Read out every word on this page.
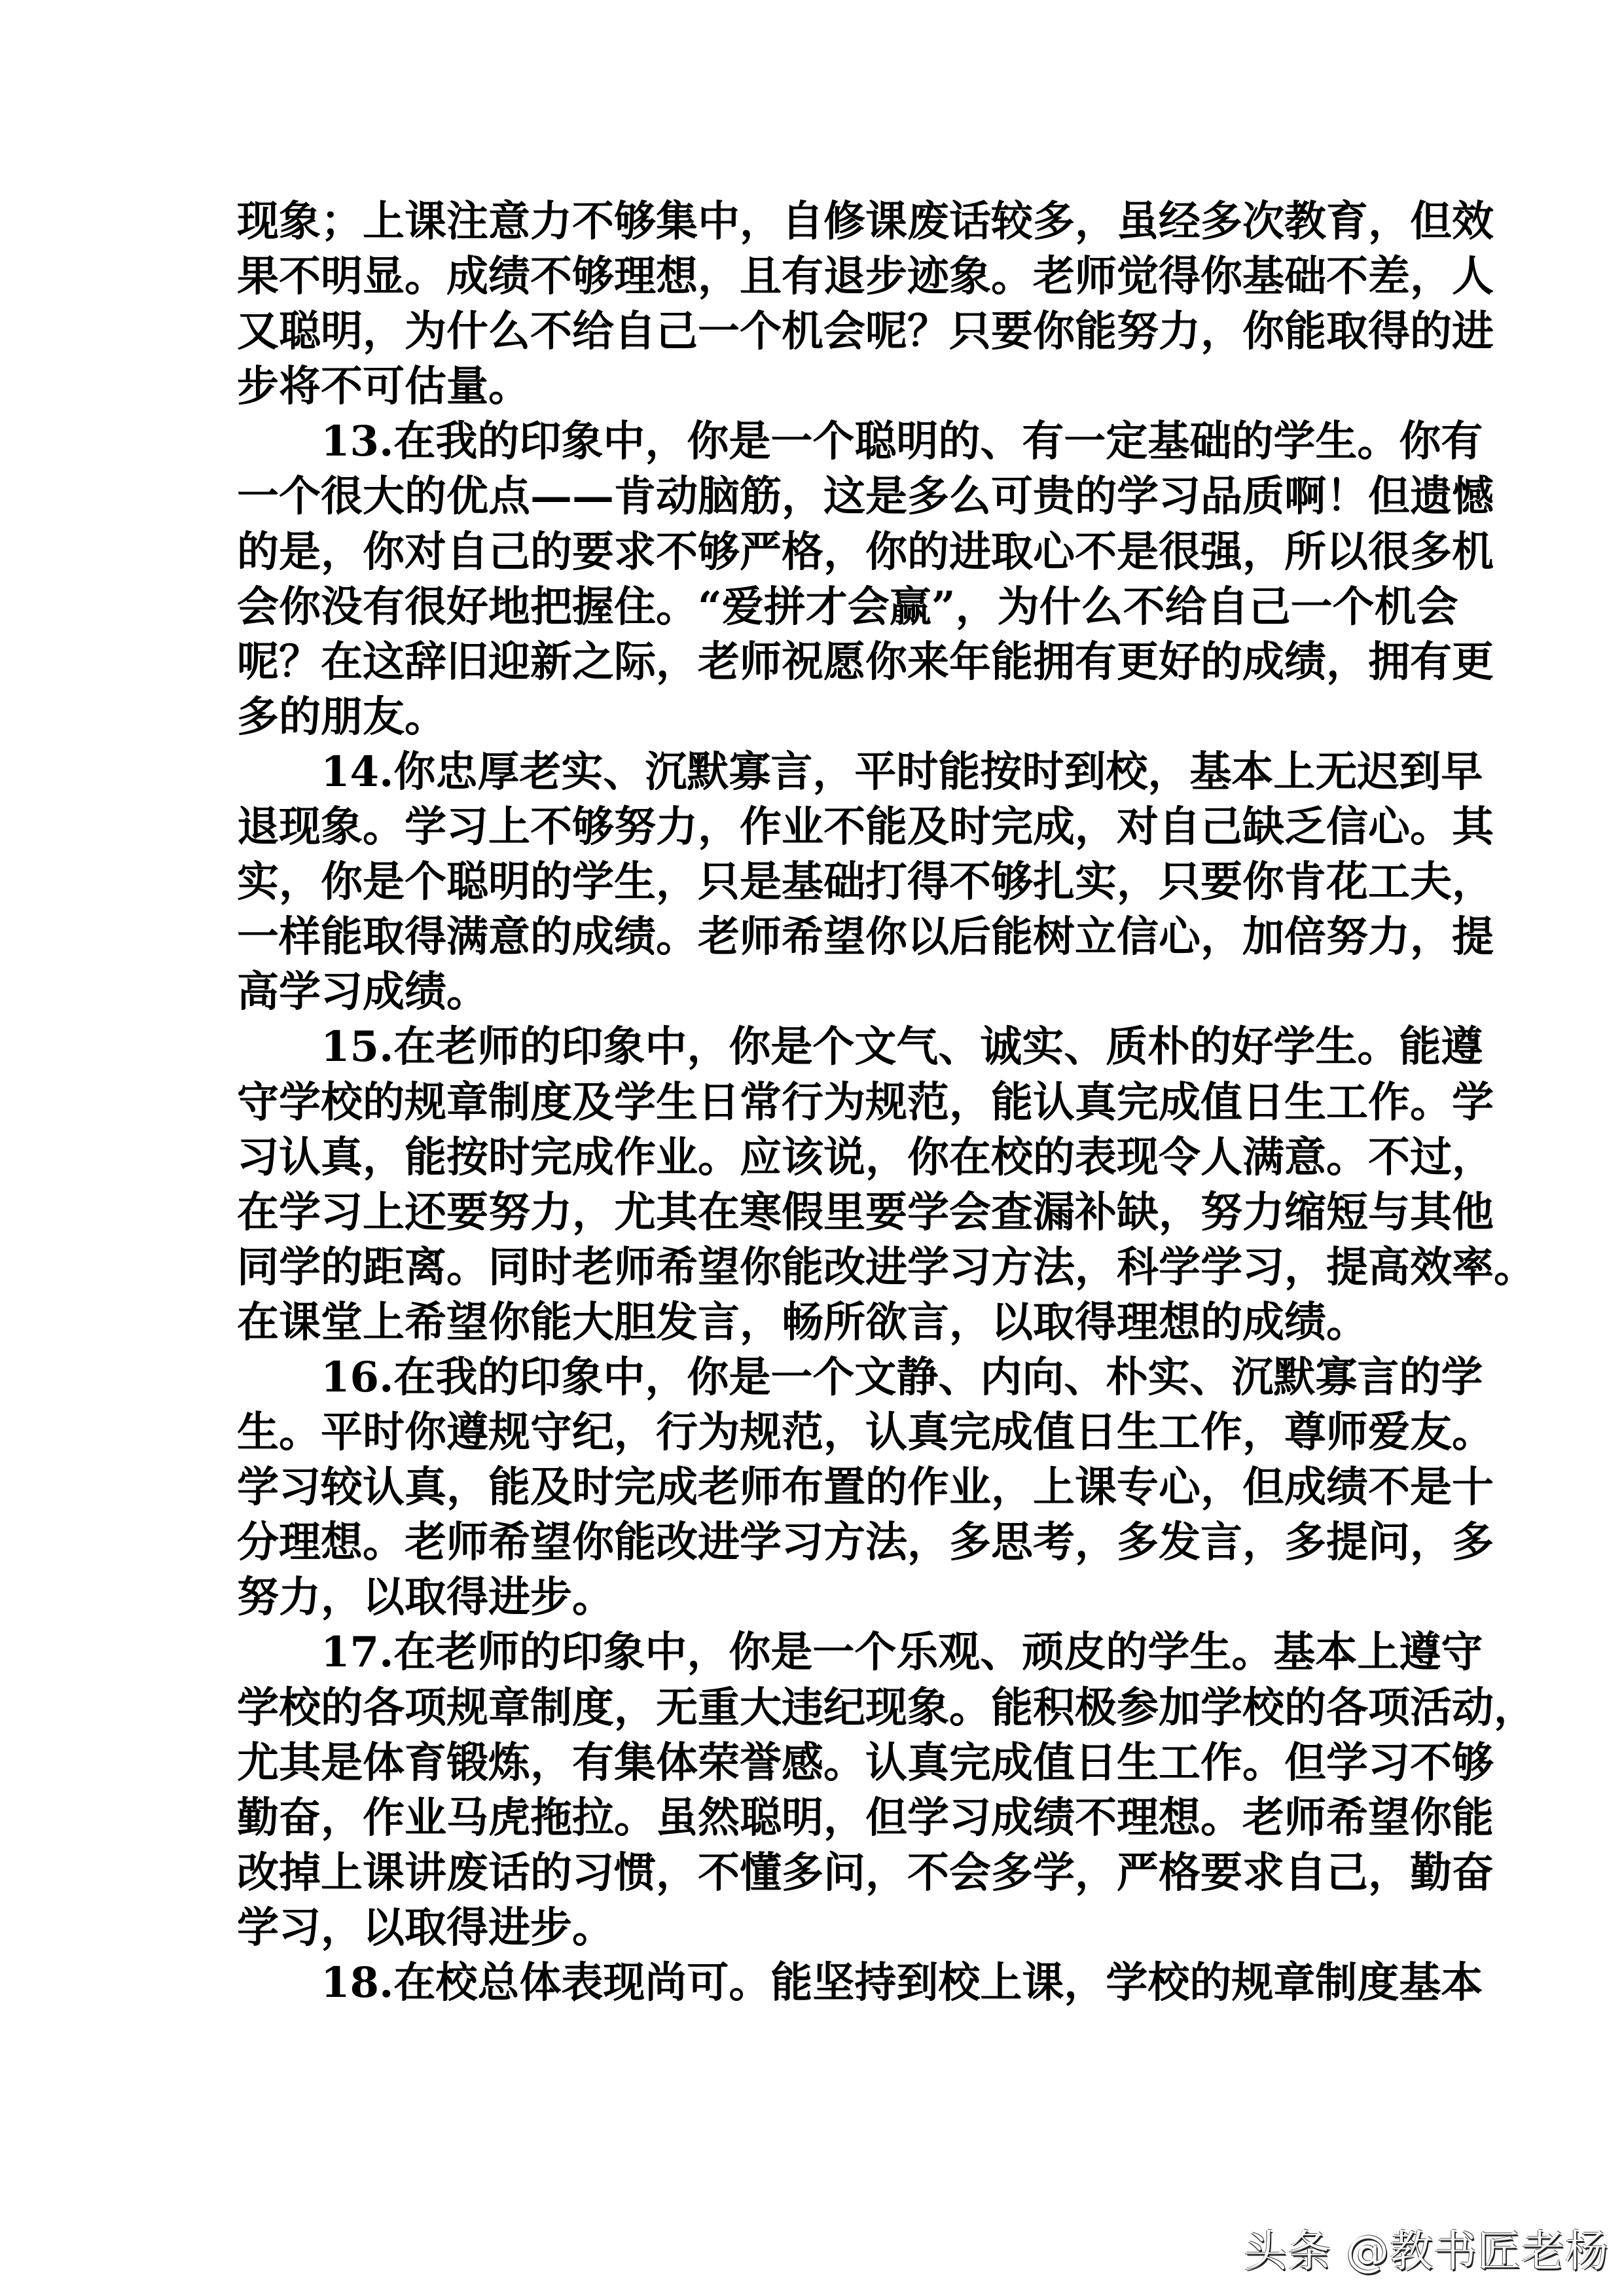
现象；上课注意力不够集中，自修课废话较多，虽经多次教育，但效
果不明显。成绩不够理想，且有退步迹象。老师觉得你基础不差，人
又聪明，为什么不给自己一个机会呢？只要你能努力，你能取得的进
步将不可估量。
13.在我的印象中，你是一个聪明的、有一定基础的学生。你有
一个很大的优点——肯动脑筋，这是多么可贵的学习品质啊！但遗憾
的是，你对自己的要求不够严格，你的进取心不是很强，所以很多机
会你没有很好地把握住。“爱拼才会赢”，为什么不给自己一个机会
呢？在这辞旧迎新之际，老师祝愿你来年能拥有更好的成绩，拥有更
多的朋友。
14.你忠厚老实、沉默寡言，平时能按时到校，基本上无迟到早
退现象。学习上不够努力，作业不能及时完成，对自己缺乏信心。其
实，你是个聪明的学生，只是基础打得不够扎实，只要你肯花工夫，
一样能取得满意的成绩。老师希望你以后能树立信心，加倍努力，提
高学习成绩。
15.在老师的印象中，你是个文气、诚实、质朴的好学生。能遵
守学校的规章制度及学生日常行为规范，能认真完成值日生工作。学
习认真，能按时完成作业。应该说，你在校的表现令人满意。不过，
在学习上还要努力，尤其在寒假里要学会查漏补缺，努力缩短与其他
同学的距离。同时老师希望你能改进学习方法，科学学习，提高效率。
在课堂上希望你能大胆发言，畅所欲言，以取得理想的成绩。
16.在我的印象中，你是一个文静、内向、朴实、沉默寡言的学
生。平时你遵规守纪，行为规范，认真完成值日生工作，尊师爱友。
学习较认真，能及时完成老师布置的作业，上课专心，但成绩不是十
分理想。老师希望你能改进学习方法，多思考，多发言，多提问，多
努力，以取得进步。
17.在老师的印象中，你是一个乐观、顽皮的学生。基本上遵守
学校的各项规章制度，无重大违纪现象。能积极参加学校的各项活动，
尤其是体育锻炼，有集体荣誉感。认真完成值日生工作。但学习不够
勤奋，作业马虎拖拉。虽然聪明，但学习成绩不理想。老师希望你能
改掉上课讲废话的习惯，不懂多问，不会多学，严格要求自己，勤奋
学习，以取得进步。
18.在校总体表现尚可。能坚持到校上课，学校的规章制度基本
头条 @教书匠老杨
